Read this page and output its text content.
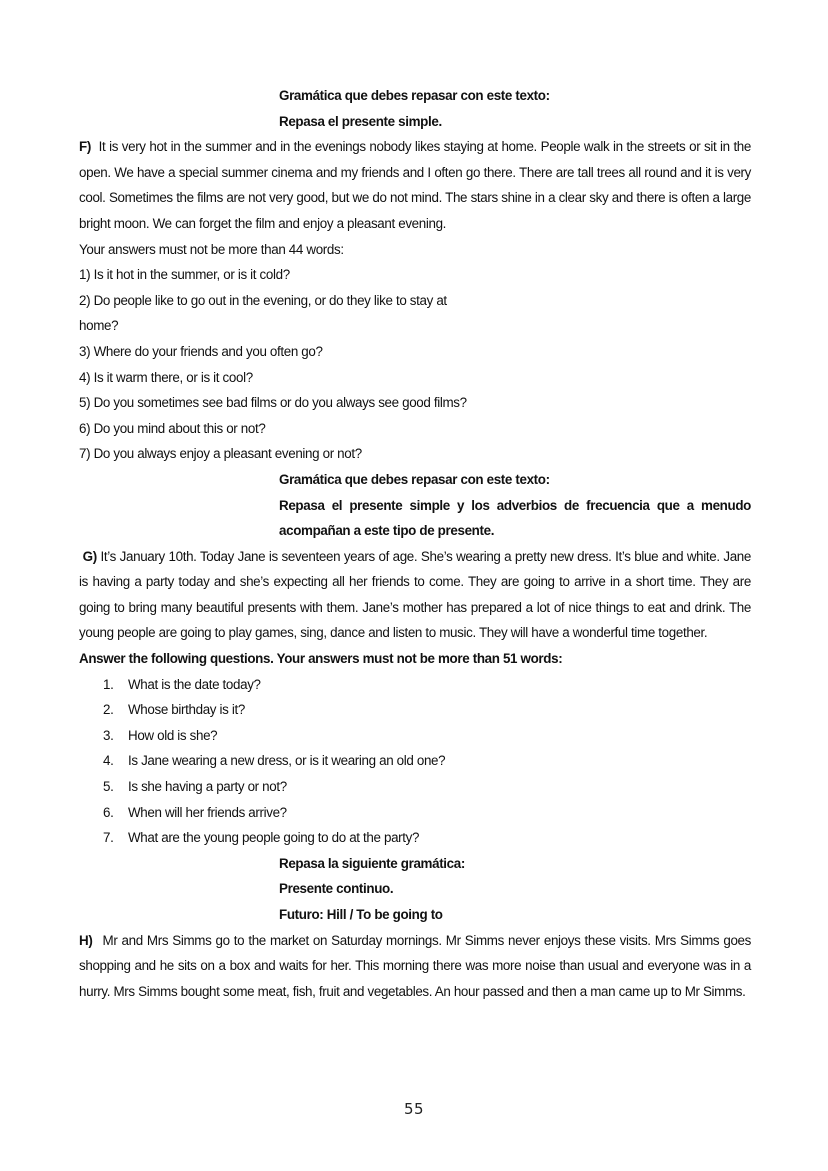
Gramática que debes repasar con este texto:
Repasa el presente simple.

F) It is very hot in the summer and in the evenings nobody likes staying at home. People walk in the streets or sit in the open. We have a special summer cinema and my friends and I often go there. There are tall trees all round and it is very cool. Sometimes the films are not very good, but we do not mind. The stars shine in a clear sky and there is often a large bright moon. We can forget the film and enjoy a pleasant evening.

Your answers must not be more than 44 words:
1) Is it hot in the summer, or is it cold?
2) Do people like to go out in the evening, or do they like to stay at
home?
3) Where do your friends and you often go?
4) Is it warm there, or is it cool?
5) Do you sometimes see bad films or do you always see good films?
6) Do you mind about this or not?
7) Do you always enjoy a pleasant evening or not?
Gramática que debes repasar con este texto:
Repasa el presente simple y los adverbios de frecuencia que a menudo acompañan a este tipo de presente.

G) It’s January 10th. Today Jane is seventeen years of age. She’s wearing a pretty new dress. It’s blue and white. Jane is having a party today and she’s expecting all her friends to come. They are going to arrive in a short time. They are going to bring many beautiful presents with them. Jane’s mother has prepared a lot of nice things to eat and drink. The young people are going to play games, sing, dance and listen to music. They will have a wonderful time together.

Answer the following questions. Your answers must not be more than 51 words:
1. What is the date today?
2. Whose birthday is it?
3. How old is she?
4. Is Jane wearing a new dress, or is it wearing an old one?
5. Is she having a party or not?
6. When will her friends arrive?
7. What are the young people going to do at the party?
Repasa la siguiente gramática:
Presente continuo.
Futuro: Hill / To be going to

H) Mr and Mrs Simms go to the market on Saturday mornings. Mr Simms never enjoys these visits. Mrs Simms goes shopping and he sits on a box and waits for her. This morning there was more noise than usual and everyone was in a hurry. Mrs Simms bought some meat, fish, fruit and vegetables. An hour passed and then a man came up to Mr Simms.

55
